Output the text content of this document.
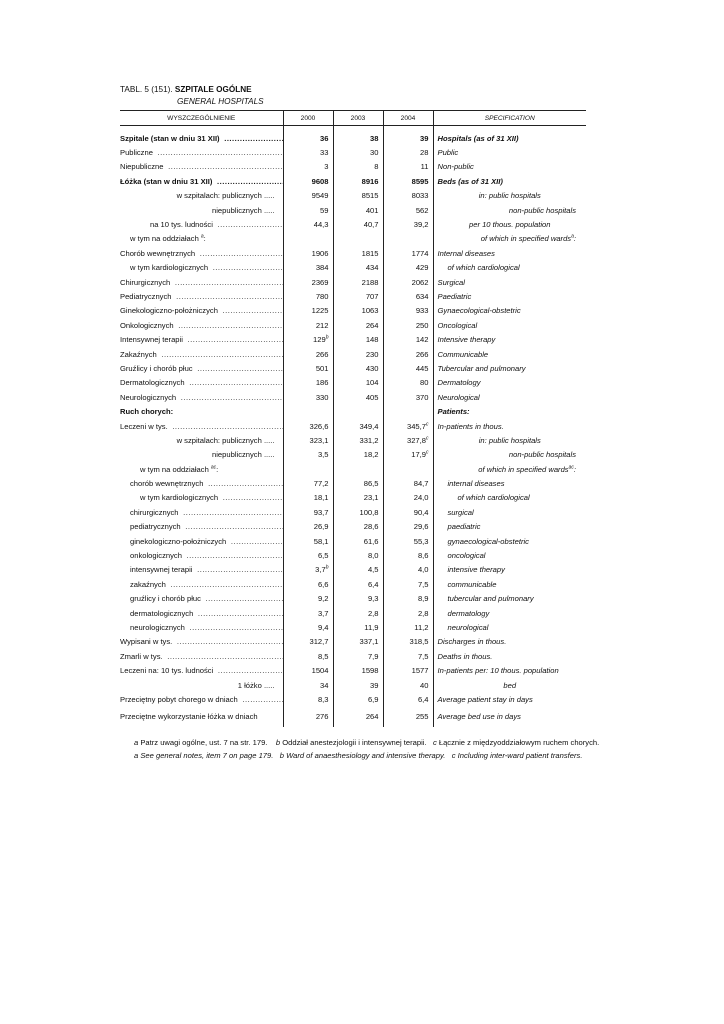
TABL. 5 (151). SZPITALE OGÓLNE
GENERAL HOSPITALS
WYSZCZEGÓLNIENIE	2000	2003	2004	SPECIFICATION

Szpitale (stan w dniu 31 XII) .....	36	38	39	Hospitals (as of 31 XII)

Publiczne .....	33	30	28	Public

Niepubliczne .....	3	8	11	Non-public

Łóżka (stan w dniu 31 XII) .....	9608	8916	8595	Beds (as of 31 XII)

w szpitalach: publicznych .....	9549	8515	8033	in: public hospitals

niepublicznych .....	59	401	562	non-public hospitals

na 10 tys. ludności .....	44,3	40,7	39,2	per 10 thous. population

w tym na oddziałach $^a$:				of which in specified wards$^a$:

Chorób wewnętrznych .....	1906	1815	1774	Internal diseases

w tym kardiologicznych .....	384	434	429	of which cardiological

Chirurgicznych .....	2369	2188	2062	Surgical

Pediatrycznych .....	780	707	634	Paediatric

Ginekologiczno-położniczych .....	1225	1063	933	Gynaecological-obstetric

Onkologicznych .....	212	264	250	Oncological

Intensywnej terapii .....	129$^b$	148	142	Intensive therapy

Zakaźnych .....	266	230	266	Communicable

Gruźlicy i chorób płuc .....	501	430	445	Tubercular and pulmonary

Dermatologicznych .....	186	104	80	Dermatology

Neurologicznych .....	330	405	370	Neurological

Ruch chorych:				Patients:

Leczeni w tys. .....	326,6	349,4	345,7$^c$	In-patients in thous.

w szpitalach: publicznych .....	323,1	331,2	327,8$^c$	in: public hospitals

niepublicznych .....	3,5	18,2	17,9$^c$	non-public hospitals

w tym na oddziałach $^{ac}$:				of which in specified wards$^{ac}$:

chorób wewnętrznych .....	77,2	86,5	84,7	internal diseases

w tym kardiologicznych .....	18,1	23,1	24,0	of which cardiological

chirurgicznych .....	93,7	100,8	90,4	surgical

pediatrycznych .....	26,9	28,6	29,6	paediatric

ginekologiczno-położniczych .....	58,1	61,6	55,3	gynaecological-obstetric

onkologicznych .....	6,5	8,0	8,6	oncological

intensywnej terapii .....	3,7$^b$	4,5	4,0	intensive therapy

zakaźnych .....	6,6	6,4	7,5	communicable

gruźlicy i chorób płuc .....	9,2	9,3	8,9	tubercular and pulmonary

dermatologicznych .....	3,7	2,8	2,8	dermatology

neurologicznych .....	9,4	11,9	11,2	neurological

Wypisani w tys. .....	312,7	337,1	318,5	Discharges in thous.

Zmarli w tys. .....	8,5	7,9	7,5	Deaths in thous.

Leczeni na: 10 tys. ludności .....	1504	1598	1577	In-patients per: 10 thous. population

1 łóżko .....	34	39	40	bed

Przeciętny pobyt chorego w dniach .....	8,3	6,9	6,4	Average patient stay in days

Przeciętne wykorzystanie łóżka w dniach	276	264	255	Average bed use in days

a Patrz uwagi ogólne, ust. 7 na str. 179. b Oddział anestezjologii i intensywnej terapii. c Łącznie z międzyoddziałowym ruchem chorych.

a See general notes, item 7 on page 179. b Ward of anaesthesiology and intensive therapy. c Including inter-ward patient transfers.
